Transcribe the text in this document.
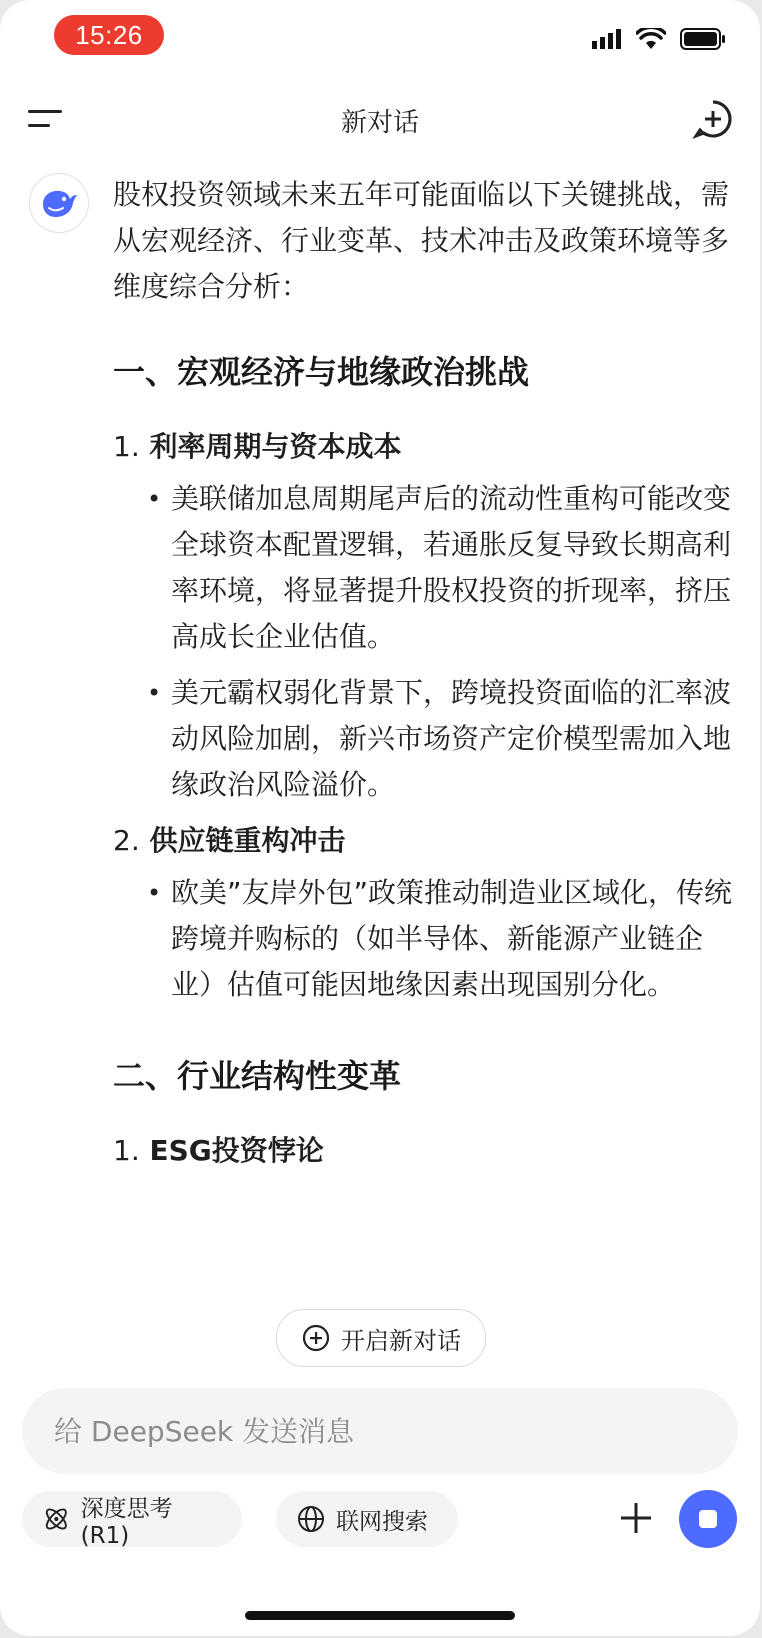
15:26
新对话

股权投资领域未来五年可能面临以下关键挑战，需从宏观经济、行业变革、技术冲击及政策环境等多维度综合分析：

一、宏观经济与地缘政治挑战
1. 利率周期与资本成本
• 美联储加息周期尾声后的流动性重构可能改变全球资本配置逻辑，若通胀反复导致长期高利率环境，将显著提升股权投资的折现率，挤压高成长企业估值。
• 美元霸权弱化背景下，跨境投资面临的汇率波动风险加剧，新兴市场资产定价模型需加入地缘政治风险溢价。
2. 供应链重构冲击
• 欧美”友岸外包”政策推动制造业区域化，传统跨境并购标的（如半导体、新能源产业链企业）估值可能因地缘因素出现国别分化。
二、行业结构性变革
1. ESG投资悖论
开启新对话
给 DeepSeek 发送消息
深度思考 (R1)
联网搜索
